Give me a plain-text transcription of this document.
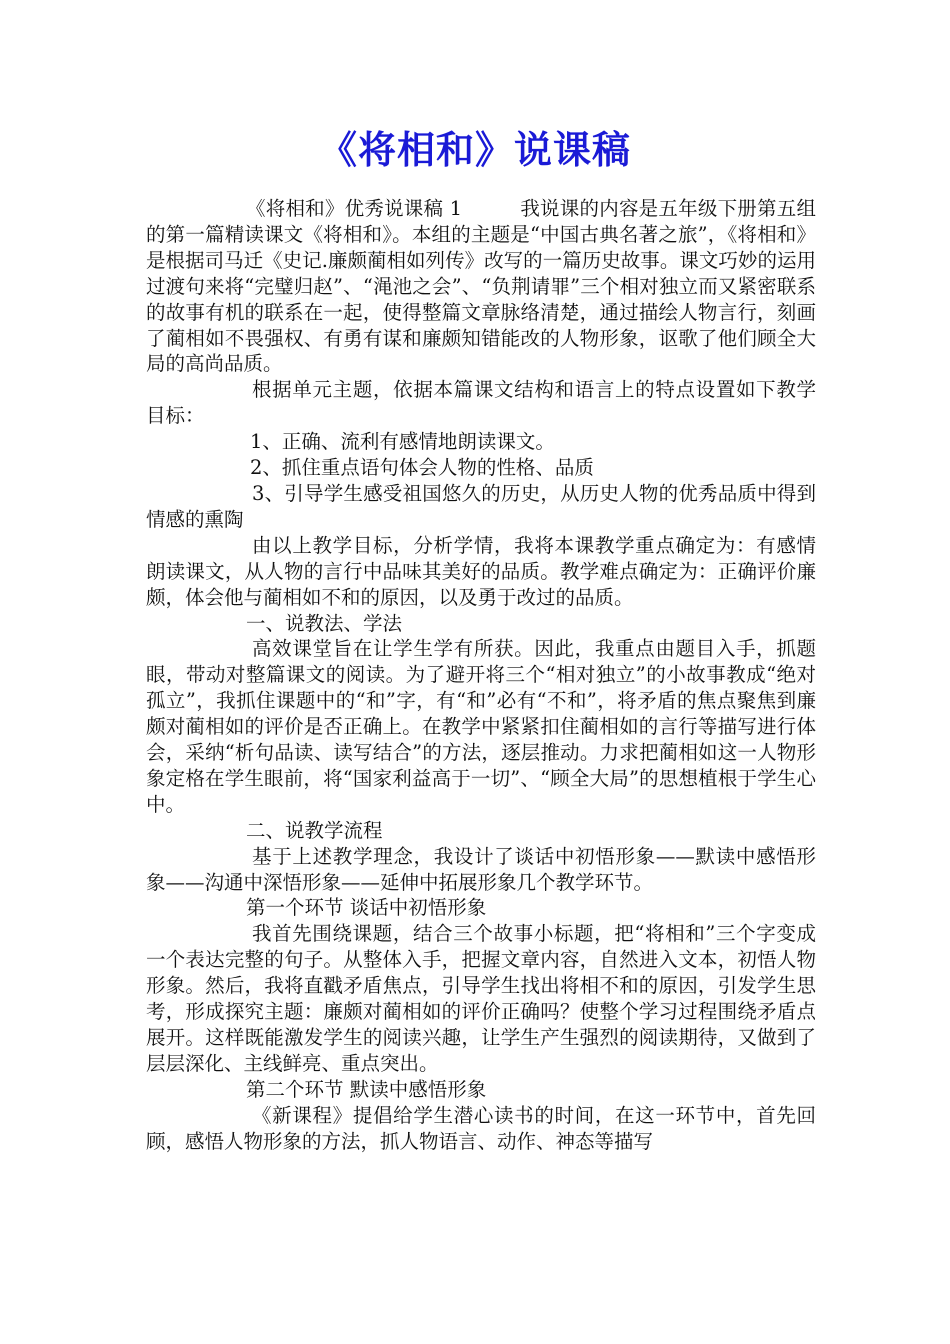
《将相和》说课稿

《将相和》优秀说课稿 1	我说课的内容是五年级下册第五组的第一篇精读课文《将相和》。本组的主题是“中国古典名著之旅”，《将相和》是根据司马迁《史记.廉颇蔺相如列传》改写的一篇历史故事。课文巧妙的运用过渡句来将“完璧归赵”、“渑池之会”、“负荆请罪”三个相对独立而又紧密联系的故事有机的联系在一起，使得整篇文章脉络清楚，通过描绘人物言行，刻画了蔺相如不畏强权、有勇有谋和廉颇知错能改的人物形象，讴歌了他们顾全大局的高尚品质。

根据单元主题，依据本篇课文结构和语言上的特点设置如下教学目标：

1、正确、流利有感情地朗读课文。

2、抓住重点语句体会人物的性格、品质

3、引导学生感受祖国悠久的历史，从历史人物的优秀品质中得到情感的熏陶

由以上教学目标，分析学情，我将本课教学重点确定为：有感情朗读课文，从人物的言行中品味其美好的品质。教学难点确定为：正确评价廉颇，体会他与蔺相如不和的原因，以及勇于改过的品质。

一、说教法、学法

高效课堂旨在让学生学有所获。因此，我重点由题目入手，抓题眼，带动对整篇课文的阅读。为了避开将三个“相对独立”的小故事教成“绝对孤立”，我抓住课题中的“和”字，有“和”必有“不和”，将矛盾的焦点聚焦到廉颇对蔺相如的评价是否正确上。在教学中紧紧扣住蔺相如的言行等描写进行体会，采纳“析句品读、读写结合”的方法，逐层推动。力求把蔺相如这一人物形象定格在学生眼前，将“国家利益高于一切”、“顾全大局”的思想植根于学生心中。

二、说教学流程

基于上述教学理念，我设计了谈话中初悟形象——默读中感悟形象——沟通中深悟形象——延伸中拓展形象几个教学环节。

第一个环节 谈话中初悟形象

我首先围绕课题，结合三个故事小标题，把“将相和”三个字变成一个表达完整的句子。从整体入手，把握文章内容，自然进入文本，初悟人物形象。然后，我将直戳矛盾焦点，引导学生找出将相不和的原因，引发学生思考，形成探究主题：廉颇对蔺相如的评价正确吗？使整个学习过程围绕矛盾点展开。这样既能激发学生的阅读兴趣，让学生产生强烈的阅读期待，又做到了层层深化、主线鲜亮、重点突出。

第二个环节 默读中感悟形象

《新课程》提倡给学生潜心读书的时间，在这一环节中，首先回顾，感悟人物形象的方法，抓人物语言、动作、神态等描写
